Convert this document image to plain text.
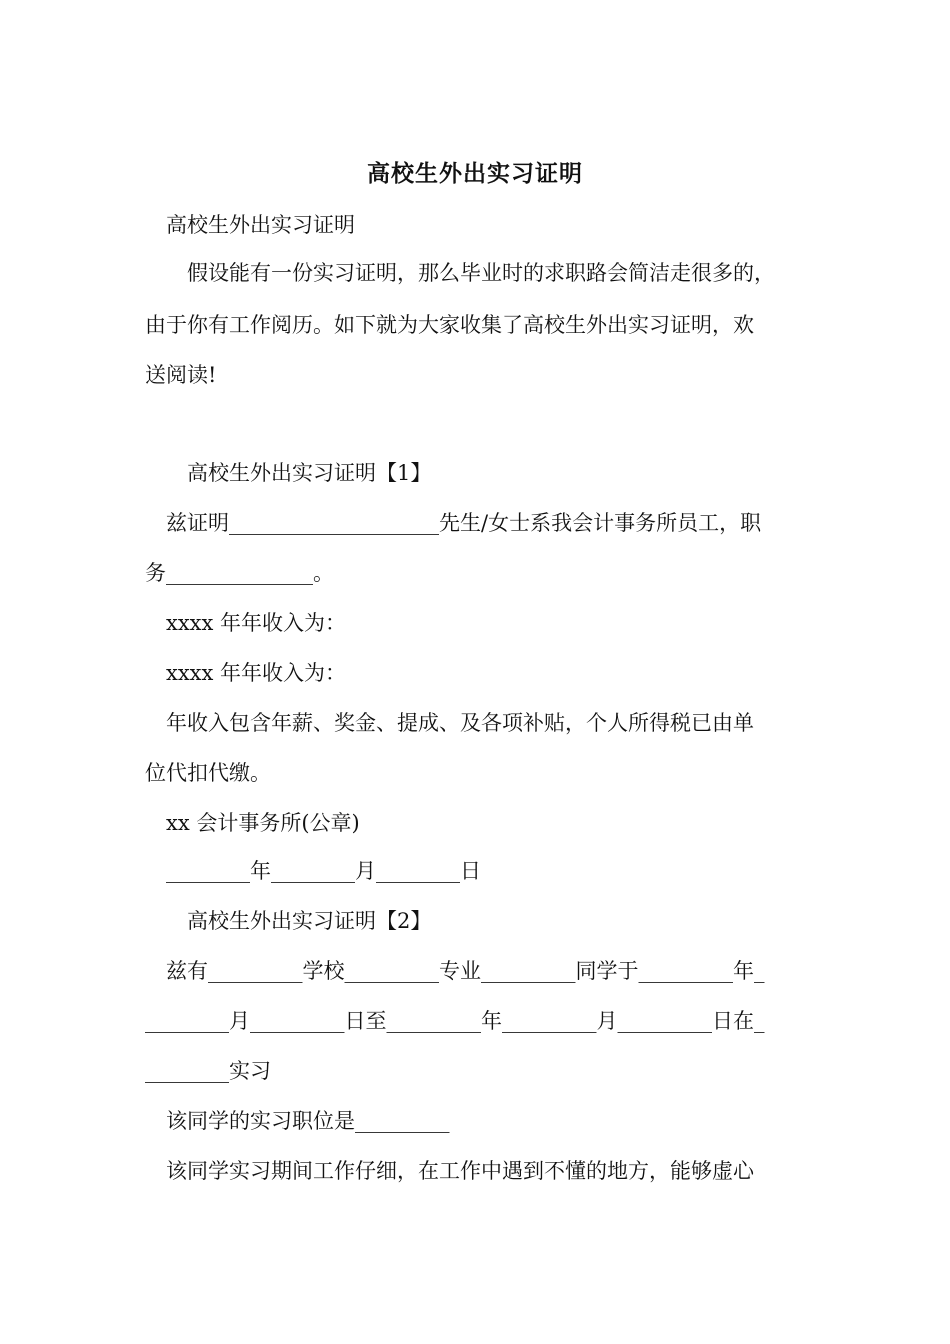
高校生外出实习证明
　高校生外出实习证明
　　假设能有一份实习证明，那么毕业时的求职路会简洁走很多的，
由于你有工作阅历。如下就为大家收集了高校生外出实习证明，欢
送阅读!
　　高校生外出实习证明【1】
　兹证明____________________先生/女士系我会计事务所员工，职
务______________。
　xxxx 年年收入为：
　xxxx 年年收入为：
　年收入包含年薪、奖金、提成、及各项补贴，个人所得税已由单
位代扣代缴。
　xx 会计事务所(公章)
　________年________月________日
　　高校生外出实习证明【2】
　兹有_________学校_________专业_________同学于_________年_
________月_________日至_________年_________月_________日在_
________实习
　该同学的实习职位是_________
　该同学实习期间工作仔细，在工作中遇到不懂的地方，能够虚心
